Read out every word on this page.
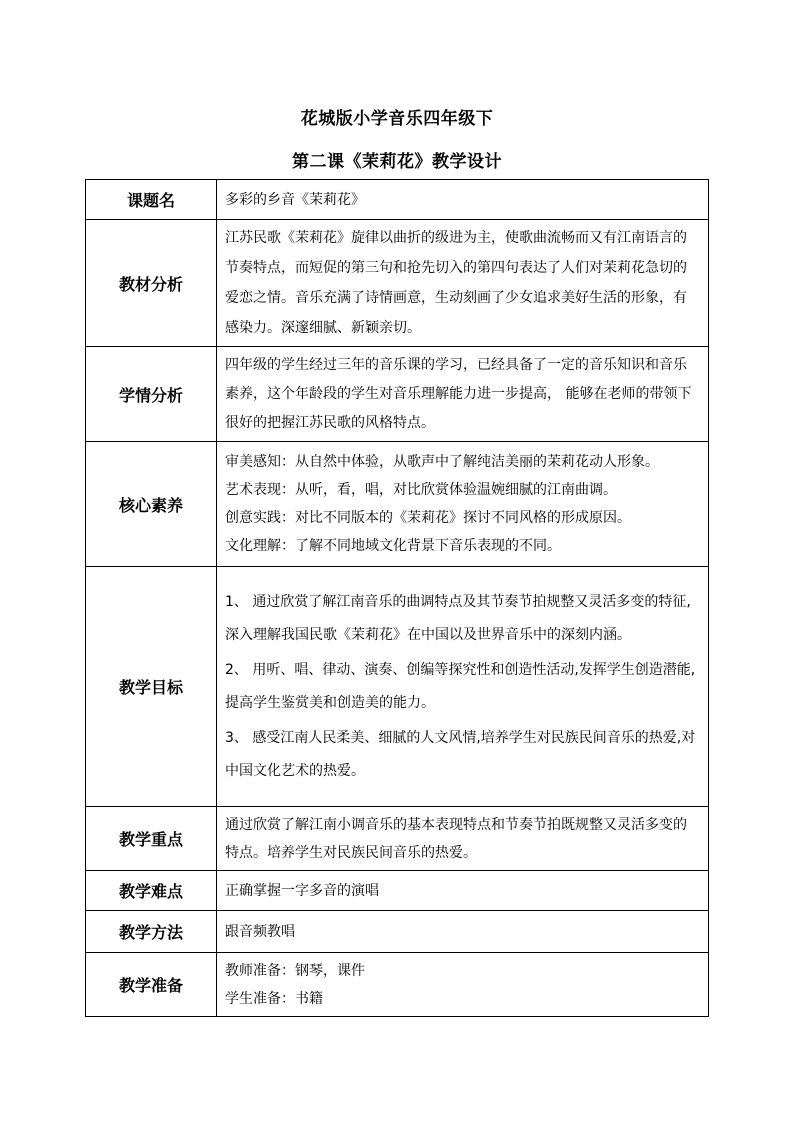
花城版小学音乐四年级下
第二课《茉莉花》教学设计
课题名	多彩的乡音《茉莉花》
教材分析	江苏民歌《茉莉花》旋律以曲折的级进为主，使歌曲流畅而又有江南语言的节奏特点，而短促的第三句和抢先切入的第四句表达了人们对茉莉花急切的爱恋之情。音乐充满了诗情画意，生动刻画了少女追求美好生活的形象，有感染力。深邃细腻、新颖亲切。
学情分析	四年级的学生经过三年的音乐课的学习，已经具备了一定的音乐知识和音乐素养，这个年龄段的学生对音乐理解能力进一步提高， 能够在老师的带领下很好的把握江苏民歌的风格特点。
核心素养	审美感知：从自然中体验，从歌声中了解纯洁美丽的茉莉花动人形象。

艺术表现：从听，看，唱，对比欣赏体验温婉细腻的江南曲调。

创意实践：对比不同版本的《茉莉花》探讨不同风格的形成原因。

文化理解：了解不同地域文化背景下音乐表现的不同。

教学目标	1、 通过欣赏了解江南音乐的曲调特点及其节奏节拍规整又灵活多变的特征,深入理解我国民歌《茉莉花》在中国以及世界音乐中的深刻内涵。

2、 用听、唱、律动、演奏、创编等探究性和创造性活动,发挥学生创造潜能,提高学生鉴赏美和创造美的能力。

3、 感受江南人民柔美、细腻的人文风情,培养学生对民族民间音乐的热爱,对中国文化艺术的热爱。

教学重点	通过欣赏了解江南小调音乐的基本表现特点和节奏节拍既规整又灵活多变的特点。培养学生对民族民间音乐的热爱。
教学难点	正确掌握一字多音的演唱
教学方法	跟音频教唱
教学准备	教师准备：钢琴，课件

学生准备：书籍
